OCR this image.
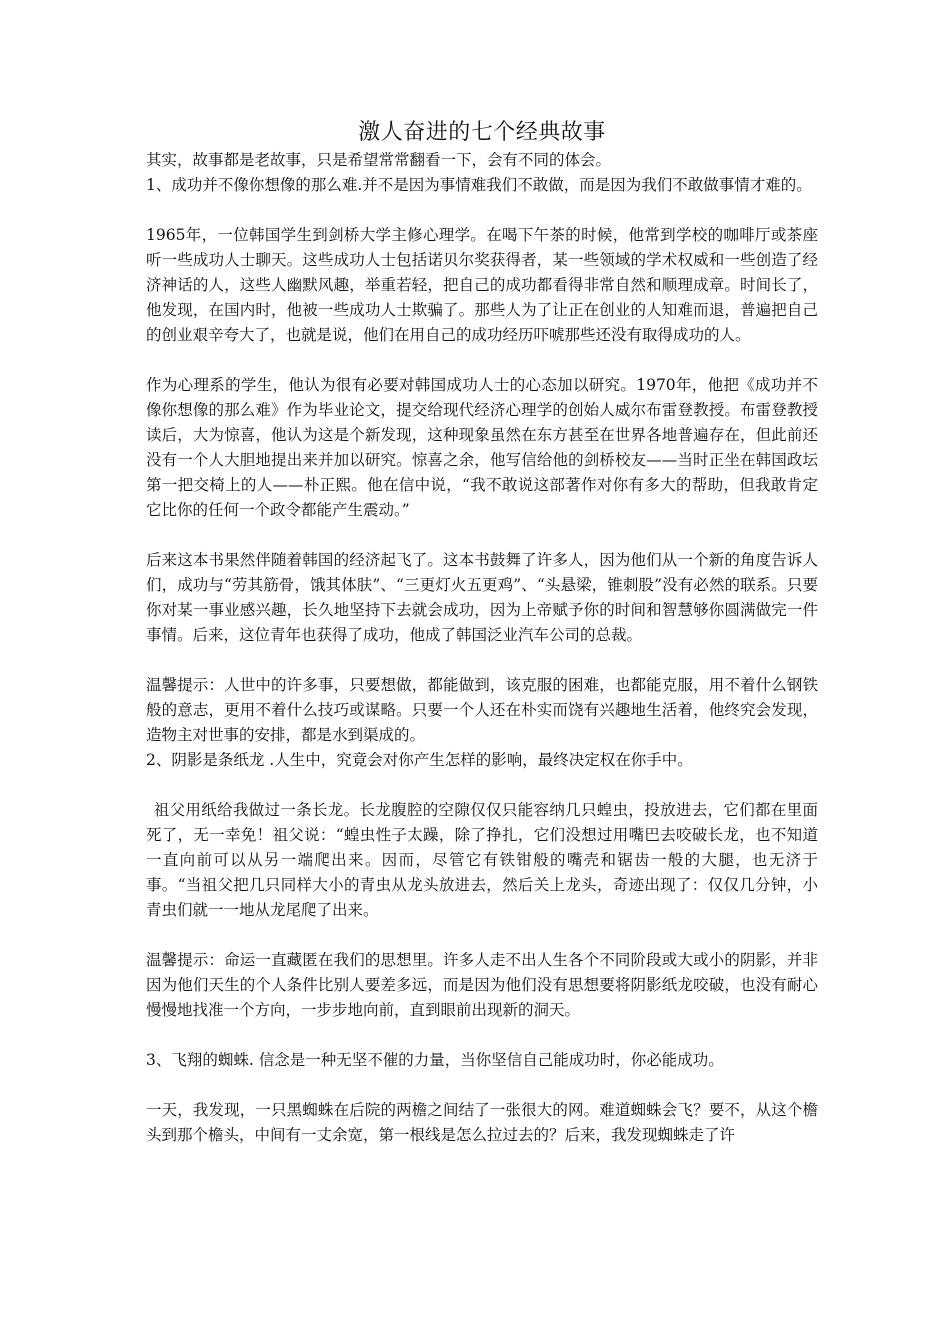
激人奋进的七个经典故事

其实，故事都是老故事，只是希望常常翻看一下，会有不同的体会。

1、成功并不像你想像的那么难.并不是因为事情难我们不敢做，而是因为我们不敢做事情才难的。

1965年，一位韩国学生到剑桥大学主修心理学。在喝下午茶的时候，他常到学校的咖啡厅或茶座听一些成功人士聊天。这些成功人士包括诺贝尔奖获得者，某一些领域的学术权威和一些创造了经济神话的人，这些人幽默风趣，举重若轻，把自己的成功都看得非常自然和顺理成章。时间长了，他发现，在国内时，他被一些成功人士欺骗了。那些人为了让正在创业的人知难而退，普遍把自己的创业艰辛夸大了，也就是说，他们在用自己的成功经历吓唬那些还没有取得成功的人。

作为心理系的学生，他认为很有必要对韩国成功人士的心态加以研究。1970年，他把《成功并不像你想像的那么难》作为毕业论文，提交给现代经济心理学的创始人威尔布雷登教授。布雷登教授读后，大为惊喜，他认为这是个新发现，这种现象虽然在东方甚至在世界各地普遍存在，但此前还没有一个人大胆地提出来并加以研究。惊喜之余，他写信给他的剑桥校友——当时正坐在韩国政坛第一把交椅上的人——朴正熙。他在信中说，“我不敢说这部著作对你有多大的帮助，但我敢肯定它比你的任何一个政令都能产生震动。”

后来这本书果然伴随着韩国的经济起飞了。这本书鼓舞了许多人，因为他们从一个新的角度告诉人们，成功与“劳其筋骨，饿其体肤”、“三更灯火五更鸡”、“头悬梁，锥刺股”没有必然的联系。只要你对某一事业感兴趣，长久地坚持下去就会成功，因为上帝赋予你的时间和智慧够你圆满做完一件事情。后来，这位青年也获得了成功，他成了韩国泛业汽车公司的总裁。

温馨提示：人世中的许多事，只要想做，都能做到，该克服的困难，也都能克服，用不着什么钢铁般的意志，更用不着什么技巧或谋略。只要一个人还在朴实而饶有兴趣地生活着，他终究会发现，造物主对世事的安排，都是水到渠成的。

2、阴影是条纸龙 .人生中，究竟会对你产生怎样的影响，最终决定权在你手中。

祖父用纸给我做过一条长龙。长龙腹腔的空隙仅仅只能容纳几只蝗虫，投放进去，它们都在里面死了，无一幸免！祖父说：“蝗虫性子太躁，除了挣扎，它们没想过用嘴巴去咬破长龙，也不知道一直向前可以从另一端爬出来。因而，尽管它有铁钳般的嘴壳和锯齿一般的大腿，也无济于事。“当祖父把几只同样大小的青虫从龙头放进去，然后关上龙头，奇迹出现了：仅仅几分钟，小青虫们就一一地从龙尾爬了出来。

温馨提示：命运一直藏匿在我们的思想里。许多人走不出人生各个不同阶段或大或小的阴影，并非因为他们天生的个人条件比别人要差多远，而是因为他们没有思想要将阴影纸龙咬破，也没有耐心慢慢地找准一个方向，一步步地向前，直到眼前出现新的洞天。

3、飞翔的蜘蛛. 信念是一种无坚不催的力量，当你坚信自己能成功时，你必能成功。

一天，我发现，一只黑蜘蛛在后院的两檐之间结了一张很大的网。难道蜘蛛会飞？要不，从这个檐头到那个檐头，中间有一丈余宽，第一根线是怎么拉过去的？后来，我发现蜘蛛走了许
